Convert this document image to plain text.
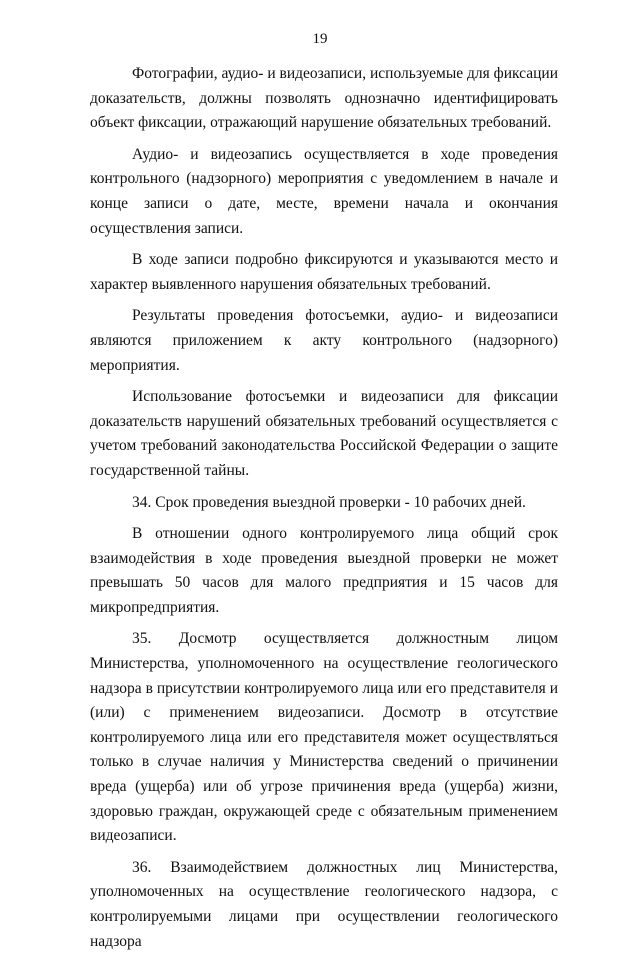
19

Фотографии, аудио- и видеозаписи, используемые для фиксации доказательств, должны позволять однозначно идентифицировать объект фиксации, отражающий нарушение обязательных требований.

Аудио- и видеозапись осуществляется в ходе проведения контрольного (надзорного) мероприятия с уведомлением в начале и конце записи о дате, месте, времени начала и окончания осуществления записи.

В ходе записи подробно фиксируются и указываются место и характер выявленного нарушения обязательных требований.

Результаты проведения фотосъемки, аудио- и видеозаписи являются приложением к акту контрольного (надзорного) мероприятия.

Использование фотосъемки и видеозаписи для фиксации доказательств нарушений обязательных требований осуществляется с учетом требований законодательства Российской Федерации о защите государственной тайны.

34. Срок проведения выездной проверки - 10 рабочих дней.

В отношении одного контролируемого лица общий срок взаимодействия в ходе проведения выездной проверки не может превышать 50 часов для малого предприятия и 15 часов для микропредприятия.

35. Досмотр осуществляется должностным лицом Министерства, уполномоченного на осуществление геологического надзора в присутствии контролируемого лица или его представителя и (или) с применением видеозаписи. Досмотр в отсутствие контролируемого лица или его представителя может осуществляться только в случае наличия у Министерства сведений о причинении вреда (ущерба) или об угрозе причинения вреда (ущерба) жизни, здоровью граждан, окружающей среде с обязательным применением видеозаписи.

36. Взаимодействием должностных лиц Министерства, уполномоченных на осуществление геологического надзора, с контролируемыми лицами при осуществлении геологического надзора
